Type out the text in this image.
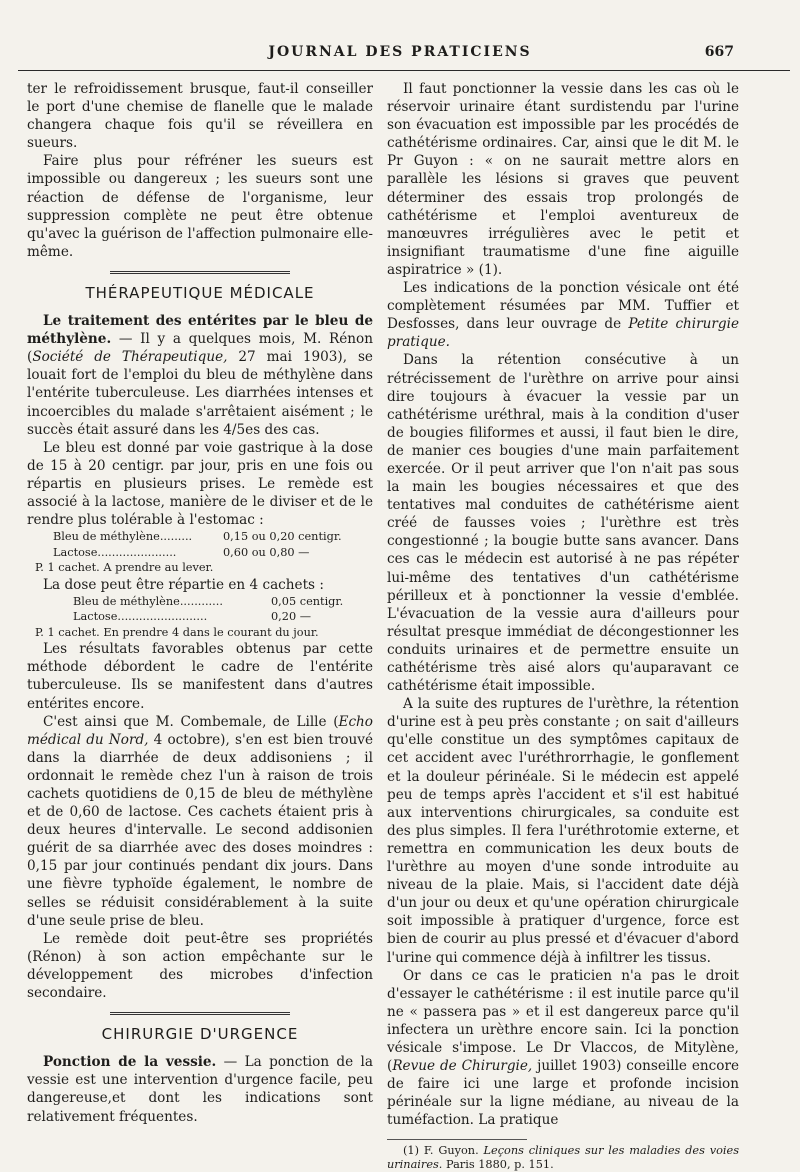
JOURNAL DES PRATICIENS	667

ter le refroidissement brusque, faut-il conseiller le port d'une chemise de flanelle que le malade changera chaque fois qu'il se réveillera en sueurs.

Faire plus pour réfréner les sueurs est impossible ou dangereux ; les sueurs sont une réaction de défense de l'organisme, leur suppression complète ne peut être obtenue qu'avec la guérison de l'affection pulmonaire elle-même.

THÉRAPEUTIQUE MÉDICALE

Le traitement des entérites par le bleu de méthylène. — Il y a quelques mois, M. Rénon (Société de Thérapeutique, 27 mai 1903), se louait fort de l'emploi du bleu de méthylène dans l'entérite tuberculeuse. Les diarrhées intenses et incoercibles du malade s'arrêtaient aisément ; le succès était assuré dans les 4/5es des cas.

Le bleu est donné par voie gastrique à la dose de 15 à 20 centigr. par jour, pris en une fois ou répartis en plusieurs prises. Le remède est associé à la lactose, manière de le diviser et de le rendre plus tolérable à l'estomac :

Bleu de méthylène.........	0,15 ou 0,20 centigr.
Lactose......................	0,60 ou 0,80 —
P. 1 cachet. A prendre au lever.

La dose peut être répartie en 4 cachets :

Bleu de méthylène............	0,05 centigr.
Lactose.........................	0,20 —
P. 1 cachet. En prendre 4 dans le courant du jour.

Les résultats favorables obtenus par cette méthode débordent le cadre de l'entérite tuberculeuse. Ils se manifestent dans d'autres entérites encore.

C'est ainsi que M. Combemale, de Lille (Echo médical du Nord, 4 octobre), s'en est bien trouvé dans la diarrhée de deux addisoniens ; il ordonnait le remède chez l'un à raison de trois cachets quotidiens de 0,15 de bleu de méthylène et de 0,60 de lactose. Ces cachets étaient pris à deux heures d'intervalle. Le second addisonien guérit de sa diarrhée avec des doses moindres : 0,15 par jour continués pendant dix jours. Dans une fièvre typhoïde également, le nombre de selles se réduisit considérablement à la suite d'une seule prise de bleu.

Le remède doit peut-être ses propriétés (Rénon) à son action empêchante sur le développement des microbes d'infection secondaire.

CHIRURGIE D'URGENCE

Ponction de la vessie. — La ponction de la vessie est une intervention d'urgence facile, peu dangereuse,et dont les indications sont relativement fréquentes.

Il faut ponctionner la vessie dans les cas où le réservoir urinaire étant surdistendu par l'urine son évacuation est impossible par les procédés de cathétérisme ordinaires. Car, ainsi que le dit M. le Pr Guyon : « on ne saurait mettre alors en parallèle les lésions si graves que peuvent déterminer des essais trop prolongés de cathétérisme et l'emploi aventureux de manœuvres irrégulières avec le petit et insignifiant traumatisme d'une fine aiguille aspiratrice » (1).

Les indications de la ponction vésicale ont été complètement résumées par MM. Tuffier et Desfosses, dans leur ouvrage de Petite chirurgie pratique.

Dans la rétention consécutive à un rétrécissement de l'urèthre on arrive pour ainsi dire toujours à évacuer la vessie par un cathétérisme uréthral, mais à la condition d'user de bougies filiformes et aussi, il faut bien le dire, de manier ces bougies d'une main parfaitement exercée. Or il peut arriver que l'on n'ait pas sous la main les bougies nécessaires et que des tentatives mal conduites de cathétérisme aient créé de fausses voies ; l'urèthre est très congestionné ; la bougie butte sans avancer. Dans ces cas le médecin est autorisé à ne pas répéter lui-même des tentatives d'un cathétérisme périlleux et à ponctionner la vessie d'emblée. L'évacuation de la vessie aura d'ailleurs pour résultat presque immédiat de décongestionner les conduits urinaires et de permettre ensuite un cathétérisme très aisé alors qu'auparavant ce cathétérisme était impossible.

A la suite des ruptures de l'urèthre, la rétention d'urine est à peu près constante ; on sait d'ailleurs qu'elle constitue un des symptômes capitaux de cet accident avec l'uréthrorrhagie, le gonflement et la douleur périnéale. Si le médecin est appelé peu de temps après l'accident et s'il est habitué aux interventions chirurgicales, sa conduite est des plus simples. Il fera l'uréthrotomie externe, et remettra en communication les deux bouts de l'urèthre au moyen d'une sonde introduite au niveau de la plaie. Mais, si l'accident date déjà d'un jour ou deux et qu'une opération chirurgicale soit impossible à pratiquer d'urgence, force est bien de courir au plus pressé et d'évacuer d'abord l'urine qui commence déjà à infiltrer les tissus.

Or dans ce cas le praticien n'a pas le droit d'essayer le cathétérisme : il est inutile parce qu'il ne « passera pas » et il est dangereux parce qu'il infectera un urèthre encore sain. Ici la ponction vésicale s'impose. Le Dr Vlaccos, de Mitylène,(Revue de Chirurgie, juillet 1903) conseille encore de faire ici une large et profonde incision périnéale sur la ligne médiane, au niveau de la tuméfaction. La pratique

(1) F. Guyon. Leçons cliniques sur les maladies des voies urinaires. Paris 1880, p. 151.
